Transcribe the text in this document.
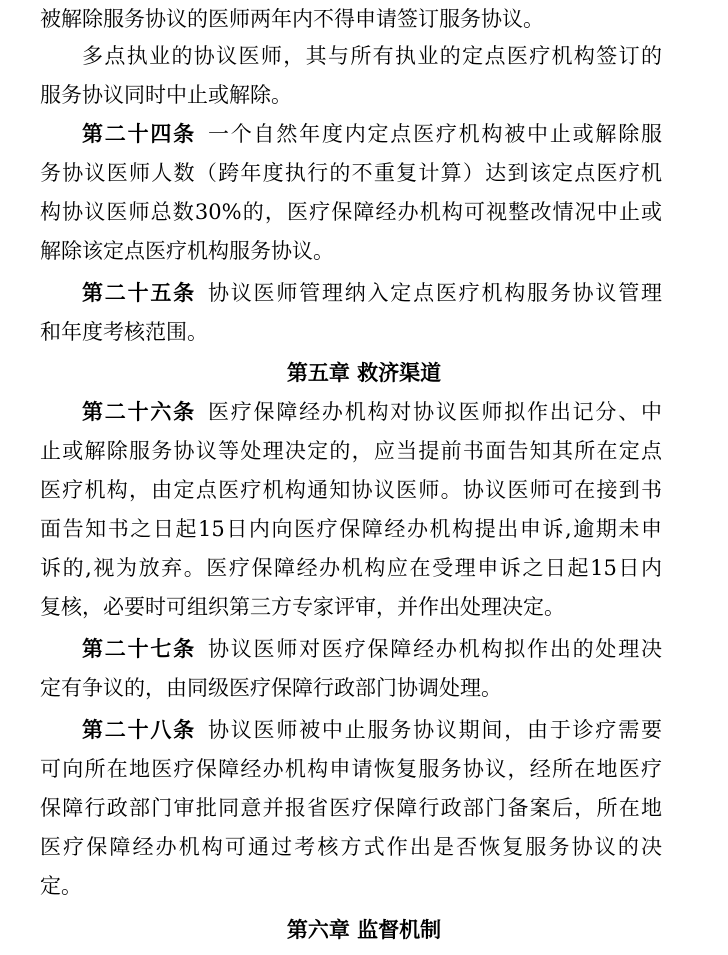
被解除服务协议的医师两年内不得申请签订服务协议。
多点执业的协议医师，其与所有执业的定点医疗机构签订的
服务协议同时中止或解除。
第二十四条 一个自然年度内定点医疗机构被中止或解除服
务协议医师人数（跨年度执行的不重复计算）达到该定点医疗机
构协议医师总数30%的，医疗保障经办机构可视整改情况中止或
解除该定点医疗机构服务协议。
第二十五条 协议医师管理纳入定点医疗机构服务协议管理
和年度考核范围。
第五章 救济渠道
第二十六条 医疗保障经办机构对协议医师拟作出记分、中
止或解除服务协议等处理决定的，应当提前书面告知其所在定点
医疗机构，由定点医疗机构通知协议医师。协议医师可在接到书
面告知书之日起15日内向医疗保障经办机构提出申诉,逾期未申
诉的,视为放弃。医疗保障经办机构应在受理申诉之日起15日内
复核，必要时可组织第三方专家评审，并作出处理决定。
第二十七条 协议医师对医疗保障经办机构拟作出的处理决
定有争议的，由同级医疗保障行政部门协调处理。
第二十八条 协议医师被中止服务协议期间，由于诊疗需要
可向所在地医疗保障经办机构申请恢复服务协议，经所在地医疗
保障行政部门审批同意并报省医疗保障行政部门备案后，所在地
医疗保障经办机构可通过考核方式作出是否恢复服务协议的决
定。
第六章 监督机制
